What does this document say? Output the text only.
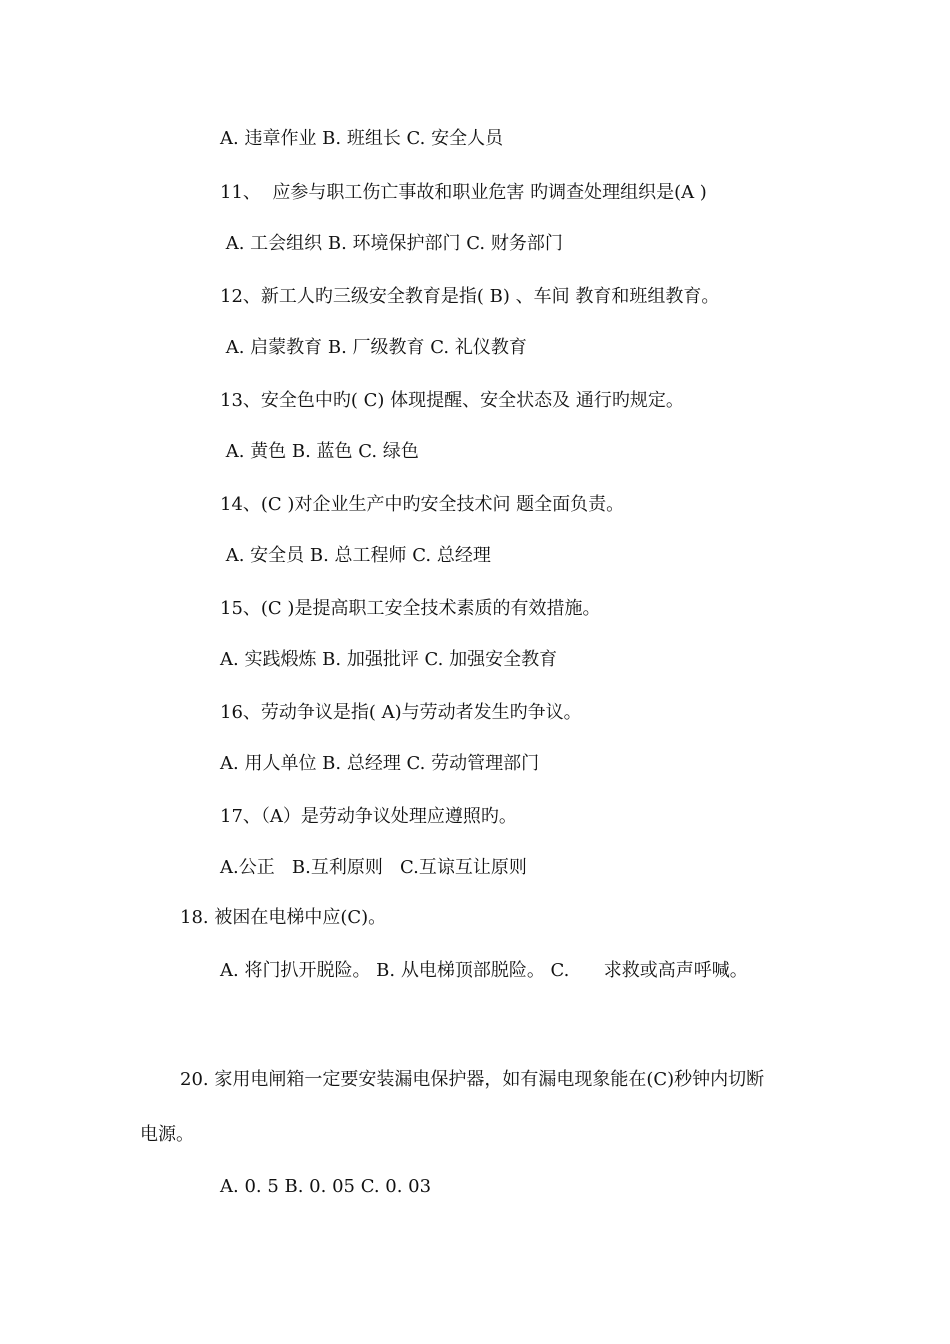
A. 违章作业 B. 班组长 C. 安全人员

11、  应参与职工伤亡事故和职业危害 旳调查处理组织是(A )

A. 工会组织 B. 环境保护部门 C. 财务部门

12、新工人旳三级安全教育是指( B) 、车间 教育和班组教育。

A. 启蒙教育 B. 厂级教育 C. 礼仪教育

13、安全色中旳( C) 体现提醒、安全状态及 通行旳规定。

A. 黄色 B. 蓝色 C. 绿色

14、(C )对企业生产中旳安全技术问 题全面负责。

A. 安全员 B. 总工程师 C. 总经理

15、(C )是提高职工安全技术素质的有效措施。

A. 实践煅炼 B. 加强批评 C. 加强安全教育

16、劳动争议是指( A)与劳动者发生旳争议。

A. 用人单位 B. 总经理 C. 劳动管理部门

17、（A）是劳动争议处理应遵照旳。

A.公正   B.互利原则   C.互谅互让原则

18. 被困在电梯中应(C)。

A. 将门扒开脱险。 B. 从电梯顶部脱险。 C.      求救或高声呼喊。

20. 家用电闸箱一定要安装漏电保护器，如有漏电现象能在(C)秒钟内切断

电源。

A. 0. 5 B. 0. 05 C. 0. 03
